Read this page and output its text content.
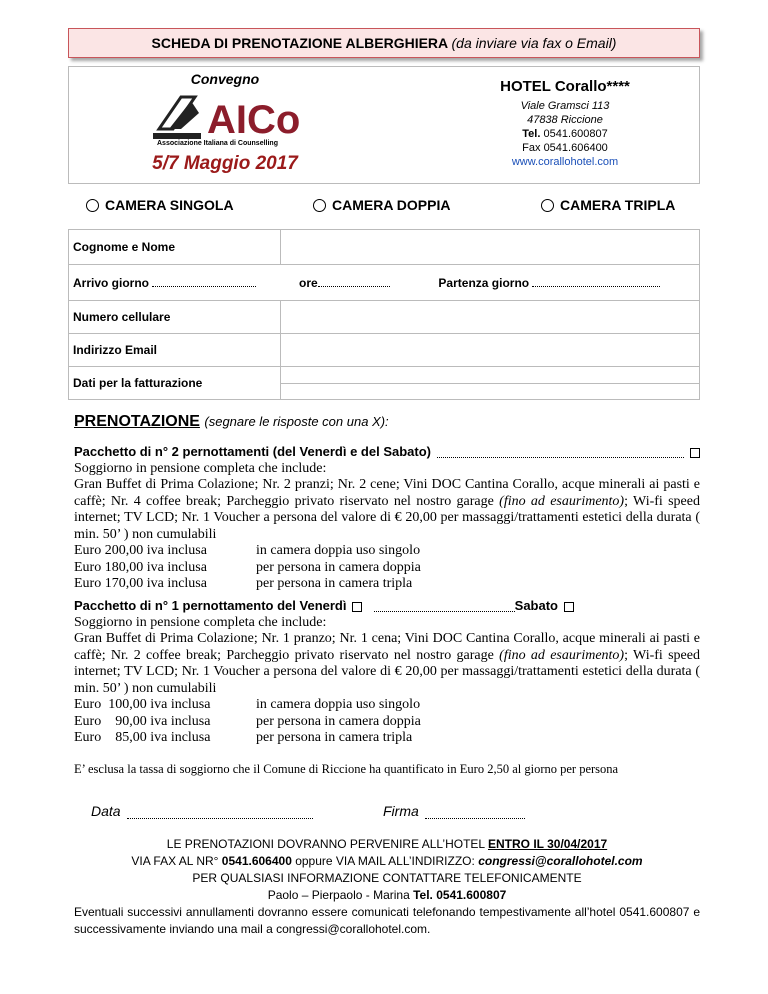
SCHEDA DI PRENOTAZIONE ALBERGHIERA (da inviare via fax o Email)
Convegno
AICo
Associazione Italiana di Counselling
5/7 Maggio 2017
HOTEL Corallo****
Viale Gramsci 113
47838 Riccione
Tel. 0541.600807
Fax 0541.606400
www.corallohotel.com
CAMERA SINGOLA	CAMERA DOPPIA	CAMERA TRIPLA
Cognome e Nome	
Arrivo giorno ore Partenza giorno	
Numero cellulare	
Indirizzo Email	
Dati per la fatturazione	
PRENOTAZIONE (segnare le risposte con una X):
Pacchetto di n° 2 pernottamenti (del Venerdì e del Sabato)
Soggiorno in pensione completa che include:
Gran Buffet di Prima Colazione; Nr. 2 pranzi; Nr. 2 cene; Vini DOC Cantina Corallo, acque minerali ai pasti e caffè; Nr. 4 coffee break; Parcheggio privato riservato nel nostro garage (fino ad esaurimento); Wi-fi speed internet; TV LCD; Nr. 1 Voucher a persona del valore di € 20,00 per massaggi/trattamenti estetici della durata ( min. 50’ ) non cumulabili
Euro 200,00 iva inclusa	in camera doppia uso singolo
Euro 180,00 iva inclusa	per persona in camera doppia
Euro 170,00 iva inclusa	per persona in camera tripla
Pacchetto di n° 1 pernottamento del Venerdì	Sabato
Soggiorno in pensione completa che include:
Gran Buffet di Prima Colazione; Nr. 1 pranzo; Nr. 1 cena; Vini DOC Cantina Corallo, acque minerali ai pasti e caffè; Nr. 2 coffee break; Parcheggio privato riservato nel nostro garage (fino ad esaurimento); Wi-fi speed internet; TV LCD; Nr. 1 Voucher a persona del valore di € 20,00 per massaggi/trattamenti estetici della durata ( min. 50’ ) non cumulabili
Euro  100,00 iva inclusa	in camera doppia uso singolo
Euro    90,00 iva inclusa	per persona in camera doppia
Euro    85,00 iva inclusa	per persona in camera tripla
E’ esclusa la tassa di soggiorno che il Comune di Riccione ha quantificato in Euro 2,50 al giorno per persona
Data	Firma
LE PRENOTAZIONI DOVRANNO PERVENIRE ALL’HOTEL ENTRO IL 30/04/2017
VIA FAX AL NR° 0541.606400 oppure VIA MAIL ALL’INDIRIZZO: congressi@corallohotel.com
PER QUALSIASI INFORMAZIONE CONTATTARE TELEFONICAMENTE
Paolo – Pierpaolo - Marina Tel. 0541.600807
Eventuali successivi annullamenti dovranno essere comunicati telefonando tempestivamente all’hotel 0541.600807 e successivamente inviando una mail a congressi@corallohotel.com.
